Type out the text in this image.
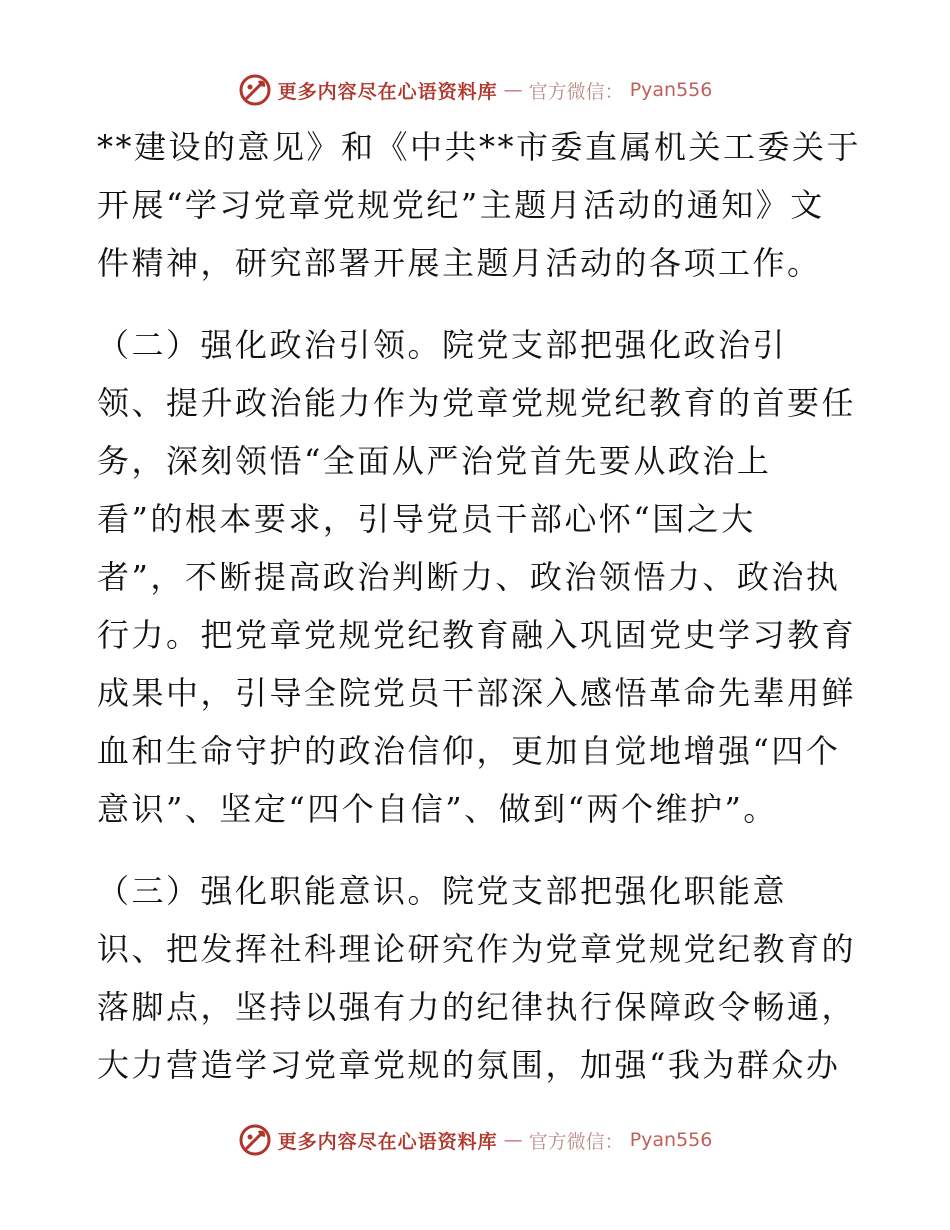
更多内容尽在心语资料库 — 官方微信： Pyan556
**建设的意见》和《中共**市委直属机关工委关于
开展“学习党章党规党纪”主题月活动的通知》文
件精神，研究部署开展主题月活动的各项工作。
（二）强化政治引领。院党支部把强化政治引
领、提升政治能力作为党章党规党纪教育的首要任
务，深刻领悟“全面从严治党首先要从政治上
看”的根本要求，引导党员干部心怀“国之大
者”，不断提高政治判断力、政治领悟力、政治执
行力。把党章党规党纪教育融入巩固党史学习教育
成果中，引导全院党员干部深入感悟革命先辈用鲜
血和生命守护的政治信仰，更加自觉地增强“四个
意识”、坚定“四个自信”、做到“两个维护”。
（三）强化职能意识。院党支部把强化职能意
识、把发挥社科理论研究作为党章党规党纪教育的
落脚点，坚持以强有力的纪律执行保障政令畅通，
大力营造学习党章党规的氛围，加强“我为群众办
更多内容尽在心语资料库 — 官方微信： Pyan556
